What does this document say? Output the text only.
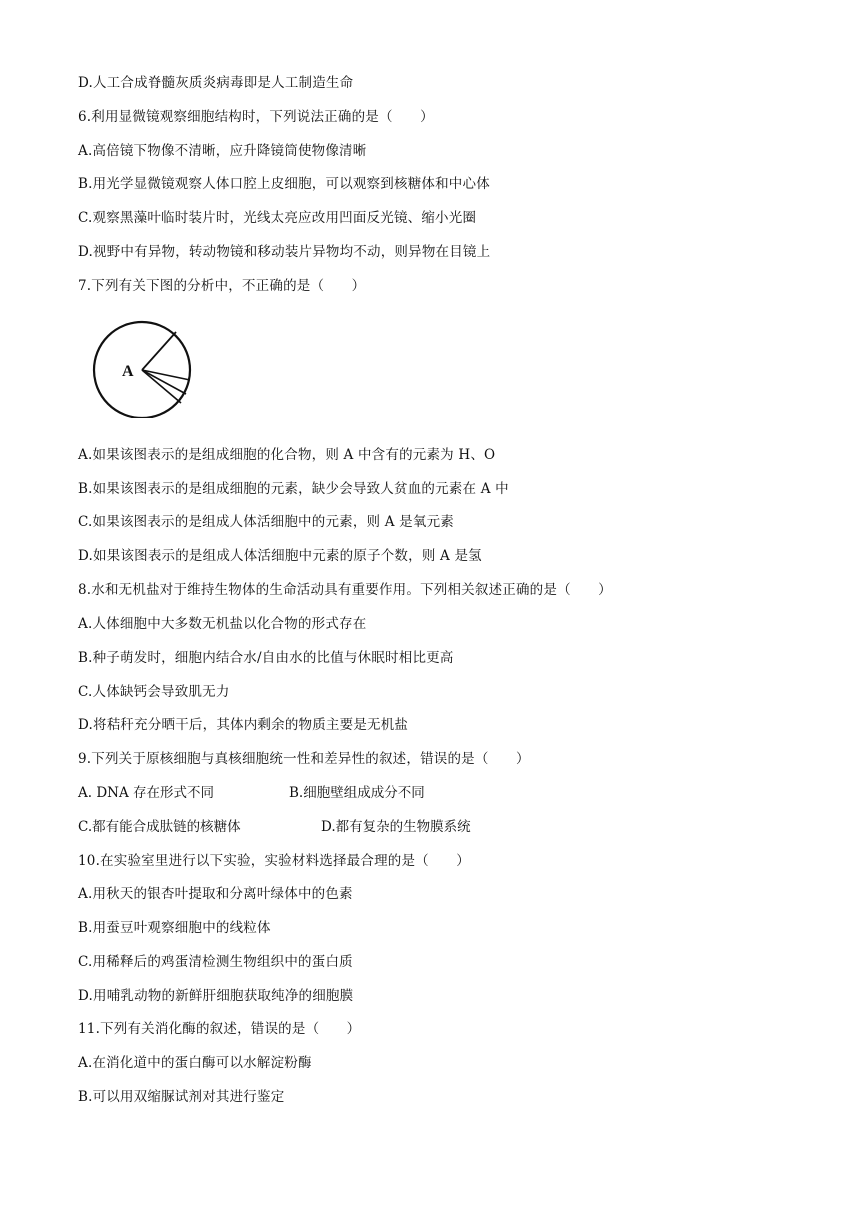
D.人工合成脊髓灰质炎病毒即是人工制造生命
6.利用显微镜观察细胞结构时，下列说法正确的是（　　）
A.高倍镜下物像不清晰，应升降镜筒使物像清晰
B.用光学显微镜观察人体口腔上皮细胞，可以观察到核糖体和中心体
C.观察黑藻叶临时装片时，光线太亮应改用凹面反光镜、缩小光圈
D.视野中有异物，转动物镜和移动装片异物均不动，则异物在目镜上
7.下列有关下图的分析中，不正确的是（　　）
A
A.如果该图表示的是组成细胞的化合物，则 A 中含有的元素为 H、O
B.如果该图表示的是组成细胞的元素，缺少会导致人贫血的元素在 A 中
C.如果该图表示的是组成人体活细胞中的元素，则 A 是氧元素
D.如果该图表示的是组成人体活细胞中元素的原子个数，则 A 是氢
8.水和无机盐对于维持生物体的生命活动具有重要作用。下列相关叙述正确的是（　　）
A.人体细胞中大多数无机盐以化合物的形式存在
B.种子萌发时，细胞内结合水/自由水的比值与休眠时相比更高
C.人体缺钙会导致肌无力
D.将秸秆充分晒干后，其体内剩余的物质主要是无机盐
9.下列关于原核细胞与真核细胞统一性和差异性的叙述，错误的是（　　）
A. DNA 存在形式不同	B.细胞壁组成成分不同
C.都有能合成肽链的核糖体	D.都有复杂的生物膜系统
10.在实验室里进行以下实验，实验材料选择最合理的是（　　）
A.用秋天的银杏叶提取和分离叶绿体中的色素
B.用蚕豆叶观察细胞中的线粒体
C.用稀释后的鸡蛋清检测生物组织中的蛋白质
D.用哺乳动物的新鲜肝细胞获取纯净的细胞膜
11.下列有关消化酶的叙述，错误的是（　　）
A.在消化道中的蛋白酶可以水解淀粉酶
B.可以用双缩脲试剂对其进行鉴定
